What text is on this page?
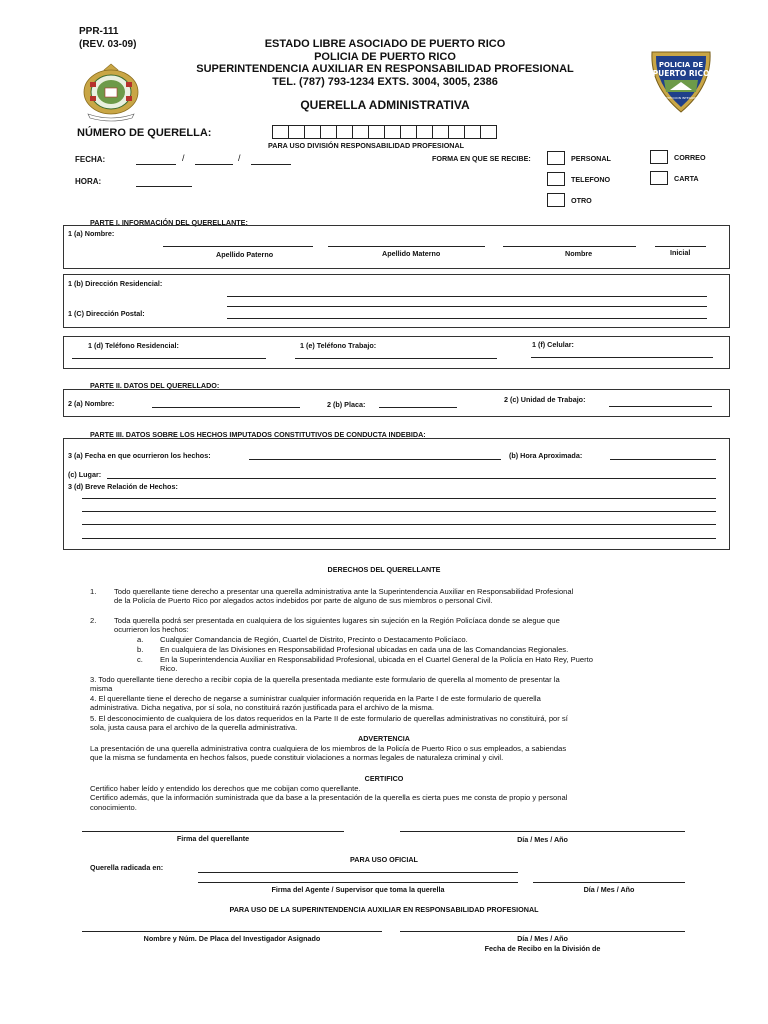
PPR-111
(REV. 03-09)	ESTADO LIBRE ASOCIADO DE PUERTO RICO
POLICIA DE PUERTO RICO
SUPERINTENDENCIA AUXILIAR EN RESPONSABILIDAD PROFESIONAL
TEL. (787) 793-1234 EXTS. 3004, 3005, 2386
POLICIA DE
PUERTO RICO
PROTECCION INTEGRIDAD
QUERELLA ADMINISTRATIVA
NÚMERO DE QUERELLA:
PARA USO DIVISIÓN RESPONSABILIDAD PROFESIONAL
FECHA:	/	/
HORA:
FORMA EN QUE SE RECIBE:	PERSONAL
TELEFONO
OTRO
CORREO
CARTA
PARTE I. INFORMACIÓN DEL QUERELLANTE:
1 (a) Nombre:
Apellido Paterno	Apellido Materno	Nombre	Inicial
1 (b) Dirección Residencial:
1 (C) Dirección Postal:
1 (d) Teléfono Residencial:	1 (e) Teléfono Trabajo:	1 (f) Celular:
PARTE II. DATOS DEL QUERELLADO:
2 (a) Nombre:	2 (b) Placa:
2 (c) Unidad de Trabajo:
PARTE III. DATOS SOBRE LOS HECHOS IMPUTADOS CONSTITUTIVOS DE CONDUCTA INDEBIDA:
3 (a) Fecha en que ocurrieron los hechos:	(b) Hora Aproximada:
(c) Lugar:
3 (d) Breve Relación de Hechos:
DERECHOS DEL QUERELLANTE
1. Todo querellante tiene derecho a presentar una querella administrativa ante la Superintendencia Auxiliar en Responsabilidad Profesional
de la Policía de Puerto Rico por alegados actos indebidos por parte de alguno de sus miembros o personal Civil.
2. Toda querella podrá ser presentada en cualquiera de los siguientes lugares sin sujeción en la Región Policíaca donde se alegue que
ocurrieron los hechos:
a. Cualquier Comandancia de Región, Cuartel de Distrito, Precinto o Destacamento Policíaco.
b. En cualquiera de las Divisiones en Responsabilidad Profesional ubicadas en cada una de las Comandancias Regionales.
c. En la Superintendencia Auxiliar en Responsabilidad Profesional, ubicada en el Cuartel General de la Policía en Hato Rey, Puerto
Rico.
3. Todo querellante tiene derecho a recibir copia de la querella presentada mediante este formulario de querella al momento de presentar la
misma
4. El querellante tiene el derecho de negarse a suministrar cualquier información requerida en la Parte I de este formulario de querella
administrativa. Dicha negativa, por sí sola, no constituirá razón justificada para el archivo de la misma.
5. El desconocimiento de cualquiera de los datos requeridos en la Parte II de este formulario de querellas administrativas no constituirá, por sí
sola, justa causa para el archivo de la querella administrativa.
ADVERTENCIA
La presentación de una querella administrativa contra cualquiera de los miembros de la Policía de Puerto Rico o sus empleados, a sabiendas
que la misma se fundamenta en hechos falsos, puede constituir violaciones a normas legales de naturaleza criminal y civil.
CERTIFICO
Certifico haber leído y entendido los derechos que me cobijan como querellante.
Certifico además, que la información suministrada que da base a la presentación de la querella es cierta pues me consta de propio y personal
conocimiento.
Firma del querellante	Día / Mes / Año
PARA USO OFICIAL
Querella radicada en:
Firma del Agente / Supervisor que toma la querella	Día / Mes / Año
PARA USO DE LA SUPERINTENDENCIA AUXILIAR EN RESPONSABILIDAD PROFESIONAL
Nombre y Núm. De Placa del Investigador Asignado	Día / Mes / Año
Fecha de Recibo en la División de
